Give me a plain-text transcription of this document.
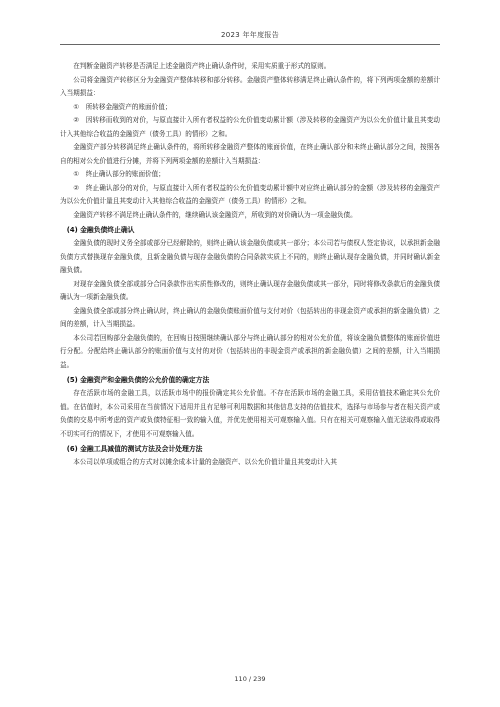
2023 年年度报告

在判断金融资产转移是否满足上述金融资产终止确认条件时，采用实质重于形式的原则。

公司将金融资产转移区分为金融资产整体转移和部分转移。金融资产整体转移满足终止确认条件的，将下列两项金额的差额计入当期损益：

①　所转移金融资产的账面价值；

②　因转移而收到的对价，与原直接计入所有者权益的公允价值变动累计额（涉及转移的金融资产为以公允价值计量且其变动计入其他综合收益的金融资产（债务工具）的情形）之和。

金融资产部分转移满足终止确认条件的，将所转移金融资产整体的账面价值，在终止确认部分和未终止确认部分之间，按照各自的相对公允价值进行分摊，并将下列两项金额的差额计入当期损益：

①　终止确认部分的账面价值；

②　终止确认部分的对价，与原直接计入所有者权益的公允价值变动累计额中对应终止确认部分的金额（涉及转移的金融资产为以公允价值计量且其变动计入其他综合收益的金融资产（债务工具）的情形）之和。

金融资产转移不满足终止确认条件的，继续确认该金融资产，所收到的对价确认为一项金融负债。

(4) 金融负债终止确认

金融负债的现时义务全部或部分已经解除的，则终止确认该金融负债或其一部分；本公司若与债权人签定协议，以承担新金融负债方式替换现存金融负债，且新金融负债与现存金融负债的合同条款实质上不同的，则终止确认现存金融负债，并同时确认新金融负债。

对现存金融负债全部或部分合同条款作出实质性修改的，则终止确认现存金融负债或其一部分，同时将修改条款后的金融负债确认为一项新金融负债。

金融负债全部或部分终止确认时，终止确认的金融负债账面价值与支付对价（包括转出的非现金资产或承担的新金融负债）之间的差额，计入当期损益。

本公司若回购部分金融负债的，在回购日按照继续确认部分与终止确认部分的相对公允价值，将该金融负债整体的账面价值进行分配。分配给终止确认部分的账面价值与支付的对价（包括转出的非现金资产或承担的新金融负债）之间的差额，计入当期损益。

(5) 金融资产和金融负债的公允价值的确定方法

存在活跃市场的金融工具，以活跃市场中的报价确定其公允价值。不存在活跃市场的金融工具，采用估值技术确定其公允价值。在估值时，本公司采用在当前情况下适用并且有足够可利用数据和其他信息支持的估值技术，选择与市场参与者在相关资产或负债的交易中所考虑的资产或负债特征相一致的输入值，并优先使用相关可观察输入值。只有在相关可观察输入值无法取得或取得不切实可行的情况下，才使用不可观察输入值。

(6) 金融工具减值的测试方法及会计处理方法

本公司以单项或组合的方式对以摊余成本计量的金融资产、以公允价值计量且其变动计入其

110 / 239
